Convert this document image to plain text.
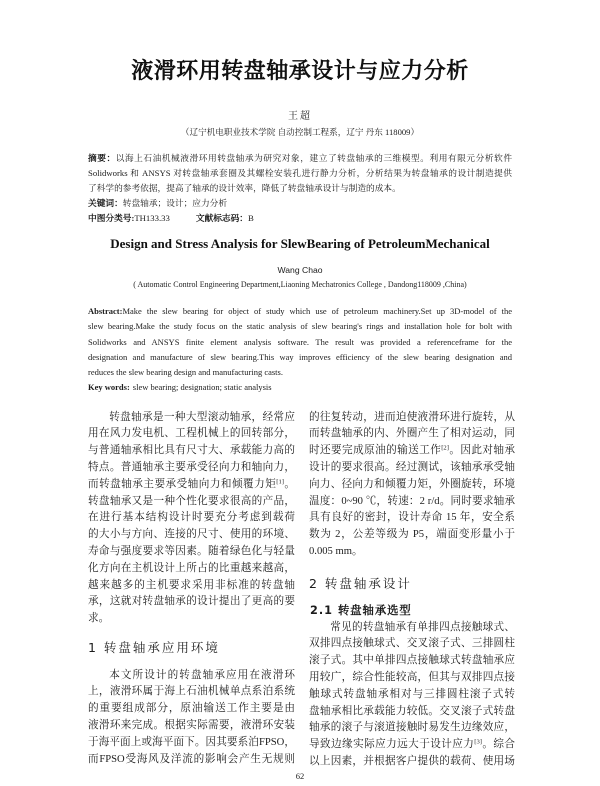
液滑环用转盘轴承设计与应力分析
王超
（辽宁机电职业技术学院 自动控制工程系，辽宁 丹东 118009）
摘要：以海上石油机械液滑环用转盘轴承为研究对象，建立了转盘轴承的三维模型。利用有限元分析软件
Solidworks 和 ANSYS 对转盘轴承套圈及其螺栓安装孔进行静力分析，分析结果为转盘轴承的设计制造提供
了科学的参考依据，提高了轴承的设计效率，降低了转盘轴承设计与制造的成本。
关键词：转盘轴承；设计；应力分析
中图分类号:TH133.33	文献标志码：B
Design and Stress Analysis for SlewBearing of PetroleumMechanical
Wang Chao
( Automatic Control Engineering Department,Liaoning Mechatronics College , Dandong118009 ,China)
Abstract:Make the slew bearing for object of study which use of petroleum machinery.Set up 3D-model of the
slew bearing.Make the study focus on the static analysis of slew bearing's rings and installation hole for bolt with
Solidworks and ANSYS finite element analysis software. The result was provided a referenceframe for the
designation and manufacture of slew bearing.This way improves efficiency of the slew bearing designation and
reduces the slew bearing design and manufacturing casts.
Key words: slew bearing; designation; static analysis
转盘轴承是一种大型滚动轴承，经常应
用在风力发电机、工程机械上的回转部分，
与普通轴承相比具有尺寸大、承载能力高的
特点。普通轴承主要承受径向力和轴向力，
而转盘轴承主要承受轴向力和倾覆力矩[1]。
转盘轴承又是一种个性化要求很高的产品，
在进行基本结构设计时要充分考虑到载荷
的大小与方向、连接的尺寸、使用的环境、
寿命与强度要求等因素。随着绿色化与轻量
化方向在主机设计上所占的比重越来越高，
越来越多的主机要求采用非标准的转盘轴
承，这就对转盘轴承的设计提出了更高的要
求。
1 转盘轴承应用环境
本文所设计的转盘轴承应用在液滑环
上，液滑环属于海上石油机械单点系泊系统
的重要组成部分，原油输送工作主要是由
液滑环来完成。根据实际需要，液滑环安装
于海平面上或海平面下。因其要系泊FPSO，
而FPSO受海风及洋流的影响会产生无规则
的往复转动，进而迫使液滑环进行旋转，从
而转盘轴承的内、外圈产生了相对运动，同
时还要完成原油的输送工作[2]。因此对轴承
设计的要求很高。经过测试，该轴承承受轴
向力、径向力和倾覆力矩，外圈旋转，环境
温度：0~90 ℃，转速：2 r/d。同时要求轴承
具有良好的密封，设计寿命 15 年，安全系
数为 2，公差等级为 P5，端面变形量小于
0.005 mm。
2 转盘轴承设计
2.1 转盘轴承选型
常见的转盘轴承有单排四点接触球式、
双排四点接触球式、交叉滚子式、三排圆柱
滚子式。其中单排四点接触球式转盘轴承应
用较广，综合性能较高，但其与双排四点接
触球式转盘轴承相对与三排圆柱滚子式转
盘轴承相比承载能力较低。交叉滚子式转盘
轴承的滚子与滚道接触时易发生边缘效应，
导致边缘实际应力远大于设计应力[3]。综合
以上因素，并根据客户提供的载荷、使用场
62
